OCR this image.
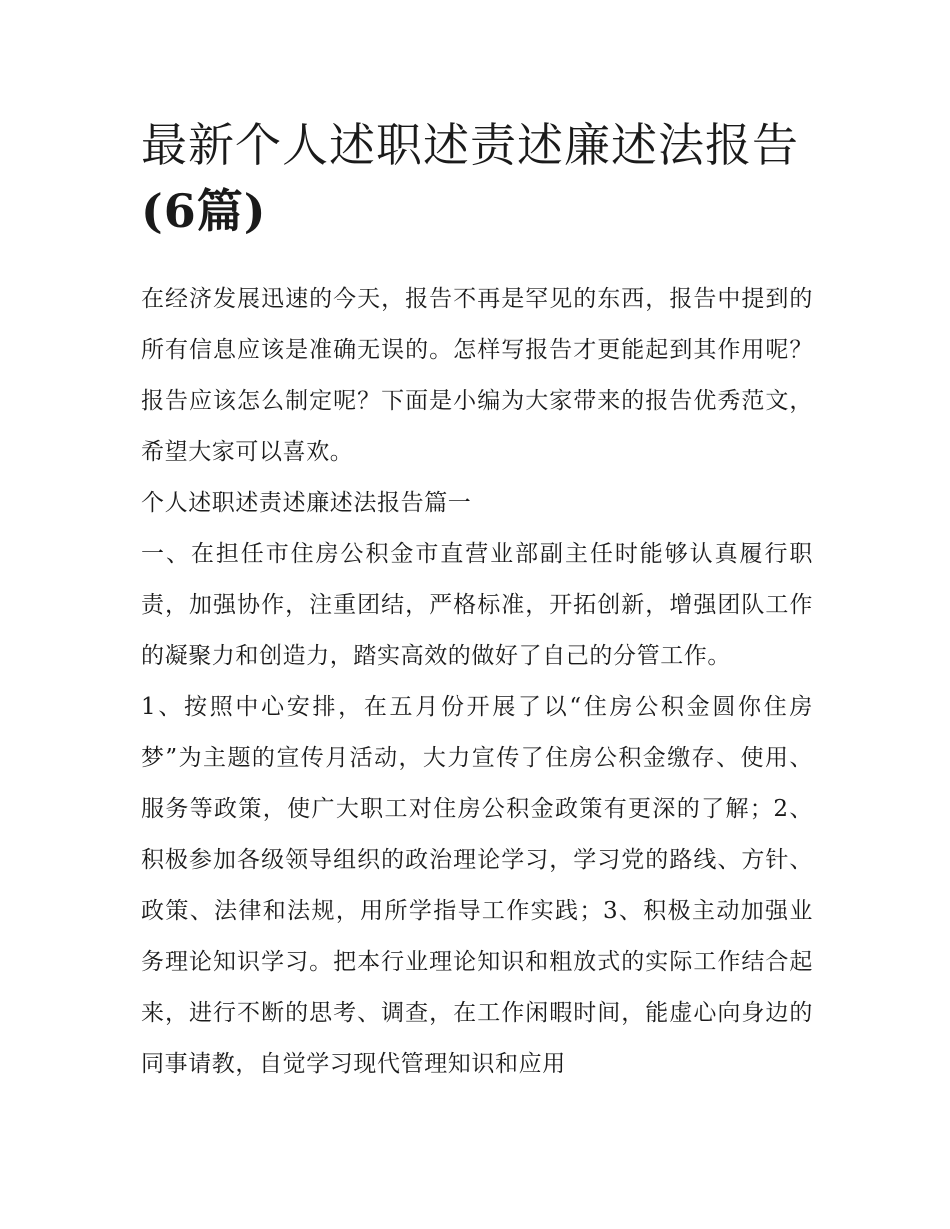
最新个人述职述责述廉述法报告(6篇)

在经济发展迅速的今天，报告不再是罕见的东西，报告中提到的所有信息应该是准确无误的。怎样写报告才更能起到其作用呢？报告应该怎么制定呢？下面是小编为大家带来的报告优秀范文，希望大家可以喜欢。

个人述职述责述廉述法报告篇一

一、在担任市住房公积金市直营业部副主任时能够认真履行职责，加强协作，注重团结，严格标准，开拓创新，增强团队工作的凝聚力和创造力，踏实高效的做好了自己的分管工作。

1、按照中心安排，在五月份开展了以“住房公积金圆你住房梦”为主题的宣传月活动，大力宣传了住房公积金缴存、使用、服务等政策，使广大职工对住房公积金政策有更深的了解；2、积极参加各级领导组织的政治理论学习，学习党的路线、方针、政策、法律和法规，用所学指导工作实践；3、积极主动加强业务理论知识学习。把本行业理论知识和粗放式的实际工作结合起来，进行不断的思考、调查，在工作闲暇时间，能虚心向身边的同事请教，自觉学习现代管理知识和应用
